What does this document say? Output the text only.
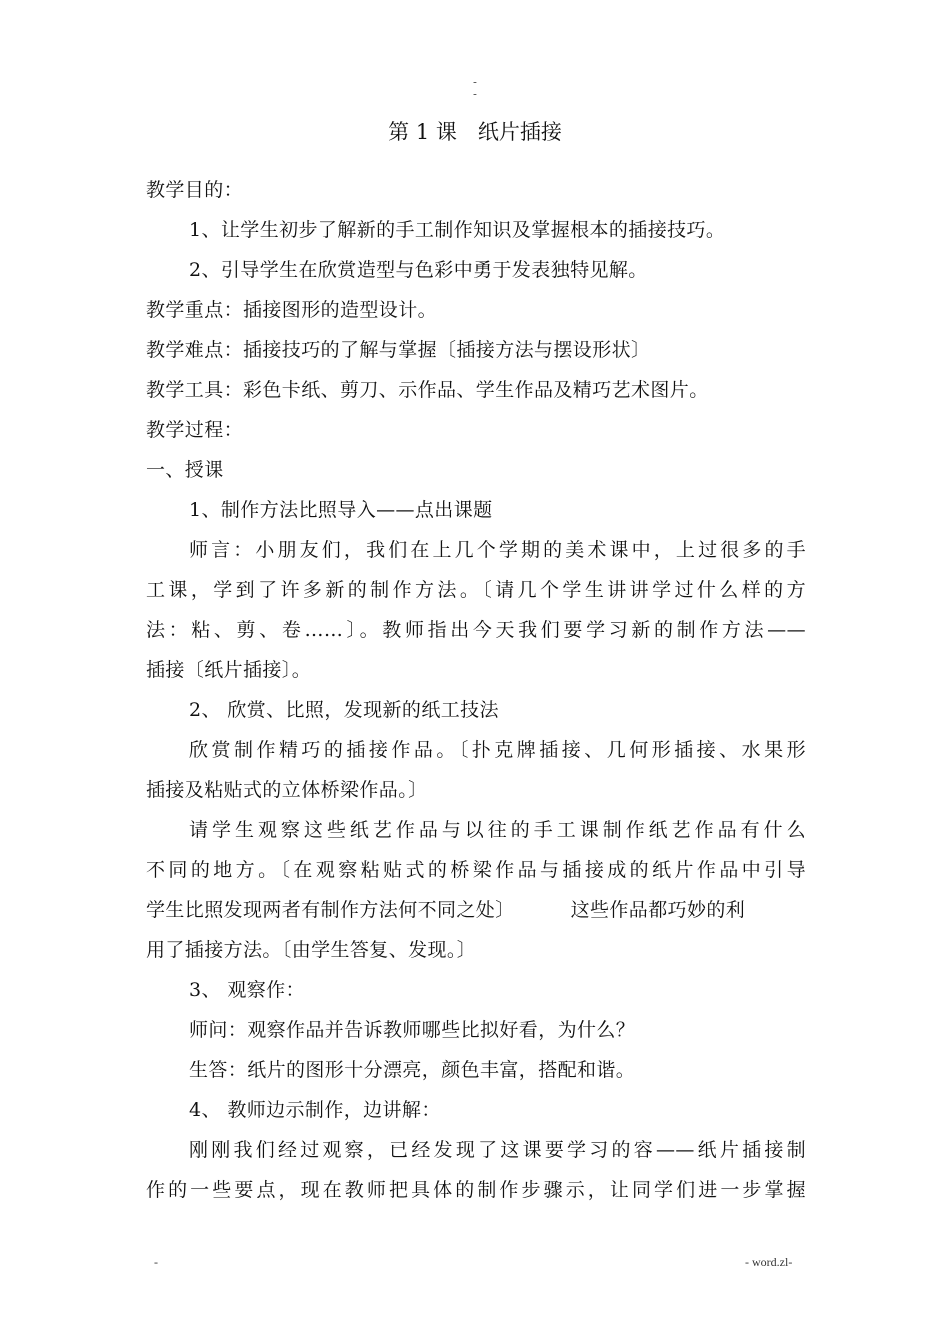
-
-
第 1 课　纸片插接
教学目的：
1、让学生初步了解新的手工制作知识及掌握根本的插接技巧。
2、引导学生在欣赏造型与色彩中勇于发表独特见解。
教学重点：插接图形的造型设计。
教学难点：插接技巧的了解与掌握〔插接方法与摆设形状〕
教学工具：彩色卡纸、剪刀、示作品、学生作品及精巧艺术图片。
教学过程：
一、授课
1、制作方法比照导入——点出课题
师言：小朋友们，我们在上几个学期的美术课中，上过很多的手
工课，学到了许多新的制作方法。〔请几个学生讲讲学过什么样的方
法：粘、剪、卷……〕。教师指出今天我们要学习新的制作方法——
插接〔纸片插接〕。
2、 欣赏、比照，发现新的纸工技法
欣赏制作精巧的插接作品。〔扑克牌插接、几何形插接、水果形
插接及粘贴式的立体桥梁作品。〕
请学生观察这些纸艺作品与以往的手工课制作纸艺作品有什么
不同的地方。〔在观察粘贴式的桥梁作品与插接成的纸片作品中引导
学生比照发现两者有制作方法何不同之处〕	这些作品都巧妙的利
用了插接方法。〔由学生答复、发现。〕
3、 观察作：
师问：观察作品并告诉教师哪些比拟好看，为什么？
生答：纸片的图形十分漂亮，颜色丰富，搭配和谐。
4、 教师边示制作，边讲解：
刚刚我们经过观察，已经发现了这课要学习的容——纸片插接制
作的一些要点，现在教师把具体的制作步骤示，让同学们进一步掌握
-	- word.zl-
